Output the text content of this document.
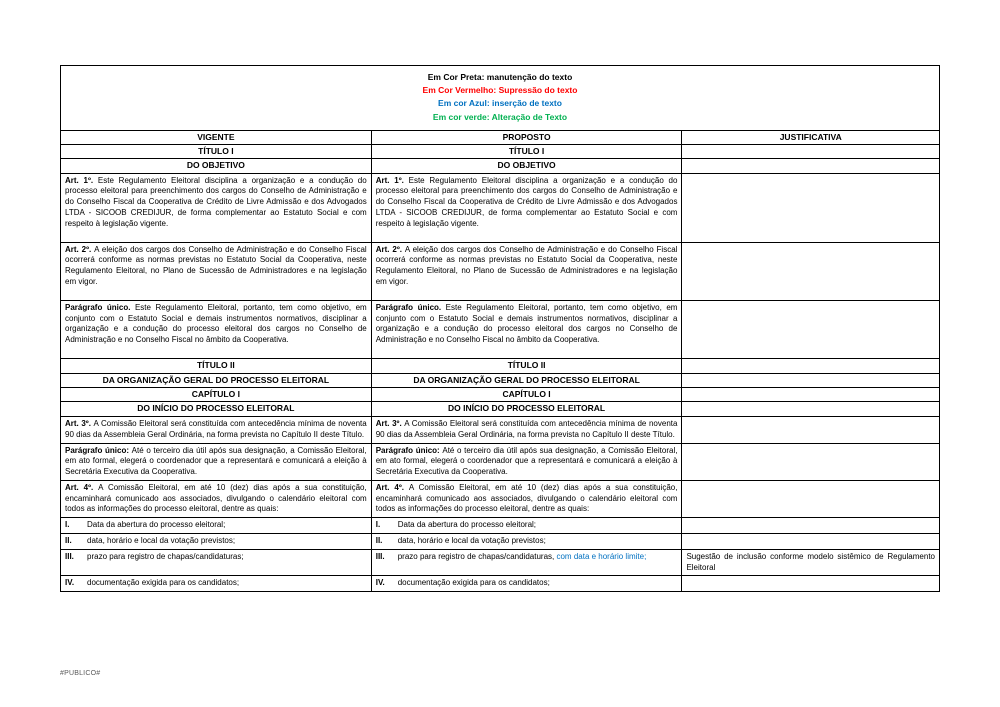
Em Cor Preta: manutenção do texto
Em Cor Vermelho: Supressão do texto
Em cor Azul: inserção de texto
Em cor verde: Alteração de Texto		

VIGENTE	PROPOSTO	JUSTIFICATIVA
TÍTULO I	TÍTULO I	
DO OBJETIVO	DO OBJETIVO	
Art. 1º. Este Regulamento Eleitoral disciplina a organização e a condução do processo eleitoral para preenchimento dos cargos do Conselho de Administração e do Conselho Fiscal da Cooperativa de Crédito de Livre Admissão e dos Advogados LTDA - SICOOB CREDIJUR, de forma complementar ao Estatuto Social e com respeito à legislação vigente.	Art. 1º. Este Regulamento Eleitoral disciplina a organização e a condução do processo eleitoral para preenchimento dos cargos do Conselho de Administração e do Conselho Fiscal da Cooperativa de Crédito de Livre Admissão e dos Advogados LTDA - SICOOB CREDIJUR, de forma complementar ao Estatuto Social e com respeito à legislação vigente.	
Art. 2º. A eleição dos cargos dos Conselho de Administração e do Conselho Fiscal ocorrerá conforme as normas previstas no Estatuto Social da Cooperativa, neste Regulamento Eleitoral, no Plano de Sucessão de Administradores e na legislação em vigor.	Art. 2º. A eleição dos cargos dos Conselho de Administração e do Conselho Fiscal ocorrerá conforme as normas previstas no Estatuto Social da Cooperativa, neste Regulamento Eleitoral, no Plano de Sucessão de Administradores e na legislação em vigor.	
Parágrafo único. Este Regulamento Eleitoral, portanto, tem como objetivo, em conjunto com o Estatuto Social e demais instrumentos normativos, disciplinar a organização e a condução do processo eleitoral dos cargos no Conselho de Administração e no Conselho Fiscal no âmbito da Cooperativa.	Parágrafo único. Este Regulamento Eleitoral, portanto, tem como objetivo, em conjunto com o Estatuto Social e demais instrumentos normativos, disciplinar a organização e a condução do processo eleitoral dos cargos no Conselho de Administração e no Conselho Fiscal no âmbito da Cooperativa.	
TÍTULO II	TÍTULO II	
DA ORGANIZAÇÃO GERAL DO PROCESSO ELEITORAL	DA ORGANIZAÇÃO GERAL DO PROCESSO ELEITORAL	
CAPÍTULO I	CAPÍTULO I	
DO INÍCIO DO PROCESSO ELEITORAL	DO INÍCIO DO PROCESSO ELEITORAL	
Art. 3º. A Comissão Eleitoral será constituída com antecedência mínima de noventa 90 dias da Assembleia Geral Ordinária, na forma prevista no Capítulo II deste Título.	Art. 3º. A Comissão Eleitoral será constituída com antecedência mínima de noventa 90 dias da Assembleia Geral Ordinária, na forma prevista no Capítulo II deste Título.	
Parágrafo único: Até o terceiro dia útil após sua designação, a Comissão Eleitoral, em ato formal, elegerá o coordenador que a representará e comunicará a eleição à Secretária Executiva da Cooperativa.	Parágrafo único: Até o terceiro dia útil após sua designação, a Comissão Eleitoral, em ato formal, elegerá o coordenador que a representará e comunicará a eleição à Secretária Executiva da Cooperativa.	
Art. 4º. A Comissão Eleitoral, em até 10 (dez) dias após a sua constituição, encaminhará comunicado aos associados, divulgando o calendário eleitoral com todos as informações do processo eleitoral, dentre as quais:	Art. 4º. A Comissão Eleitoral, em até 10 (dez) dias após a sua constituição, encaminhará comunicado aos associados, divulgando o calendário eleitoral com todos as informações do processo eleitoral, dentre as quais:	
I. Data da abertura do processo eleitoral;	I. Data da abertura do processo eleitoral;	
II. data, horário e local da votação previstos;	II. data, horário e local da votação previstos;	
III. prazo para registro de chapas/candidaturas;	III. prazo para registro de chapas/candidaturas, com data e horário limite;	Sugestão de inclusão conforme modelo sistêmico de Regulamento Eleitoral
IV. documentação exigida para os candidatos;	IV. documentação exigida para os candidatos;	
#PUBLICO#
